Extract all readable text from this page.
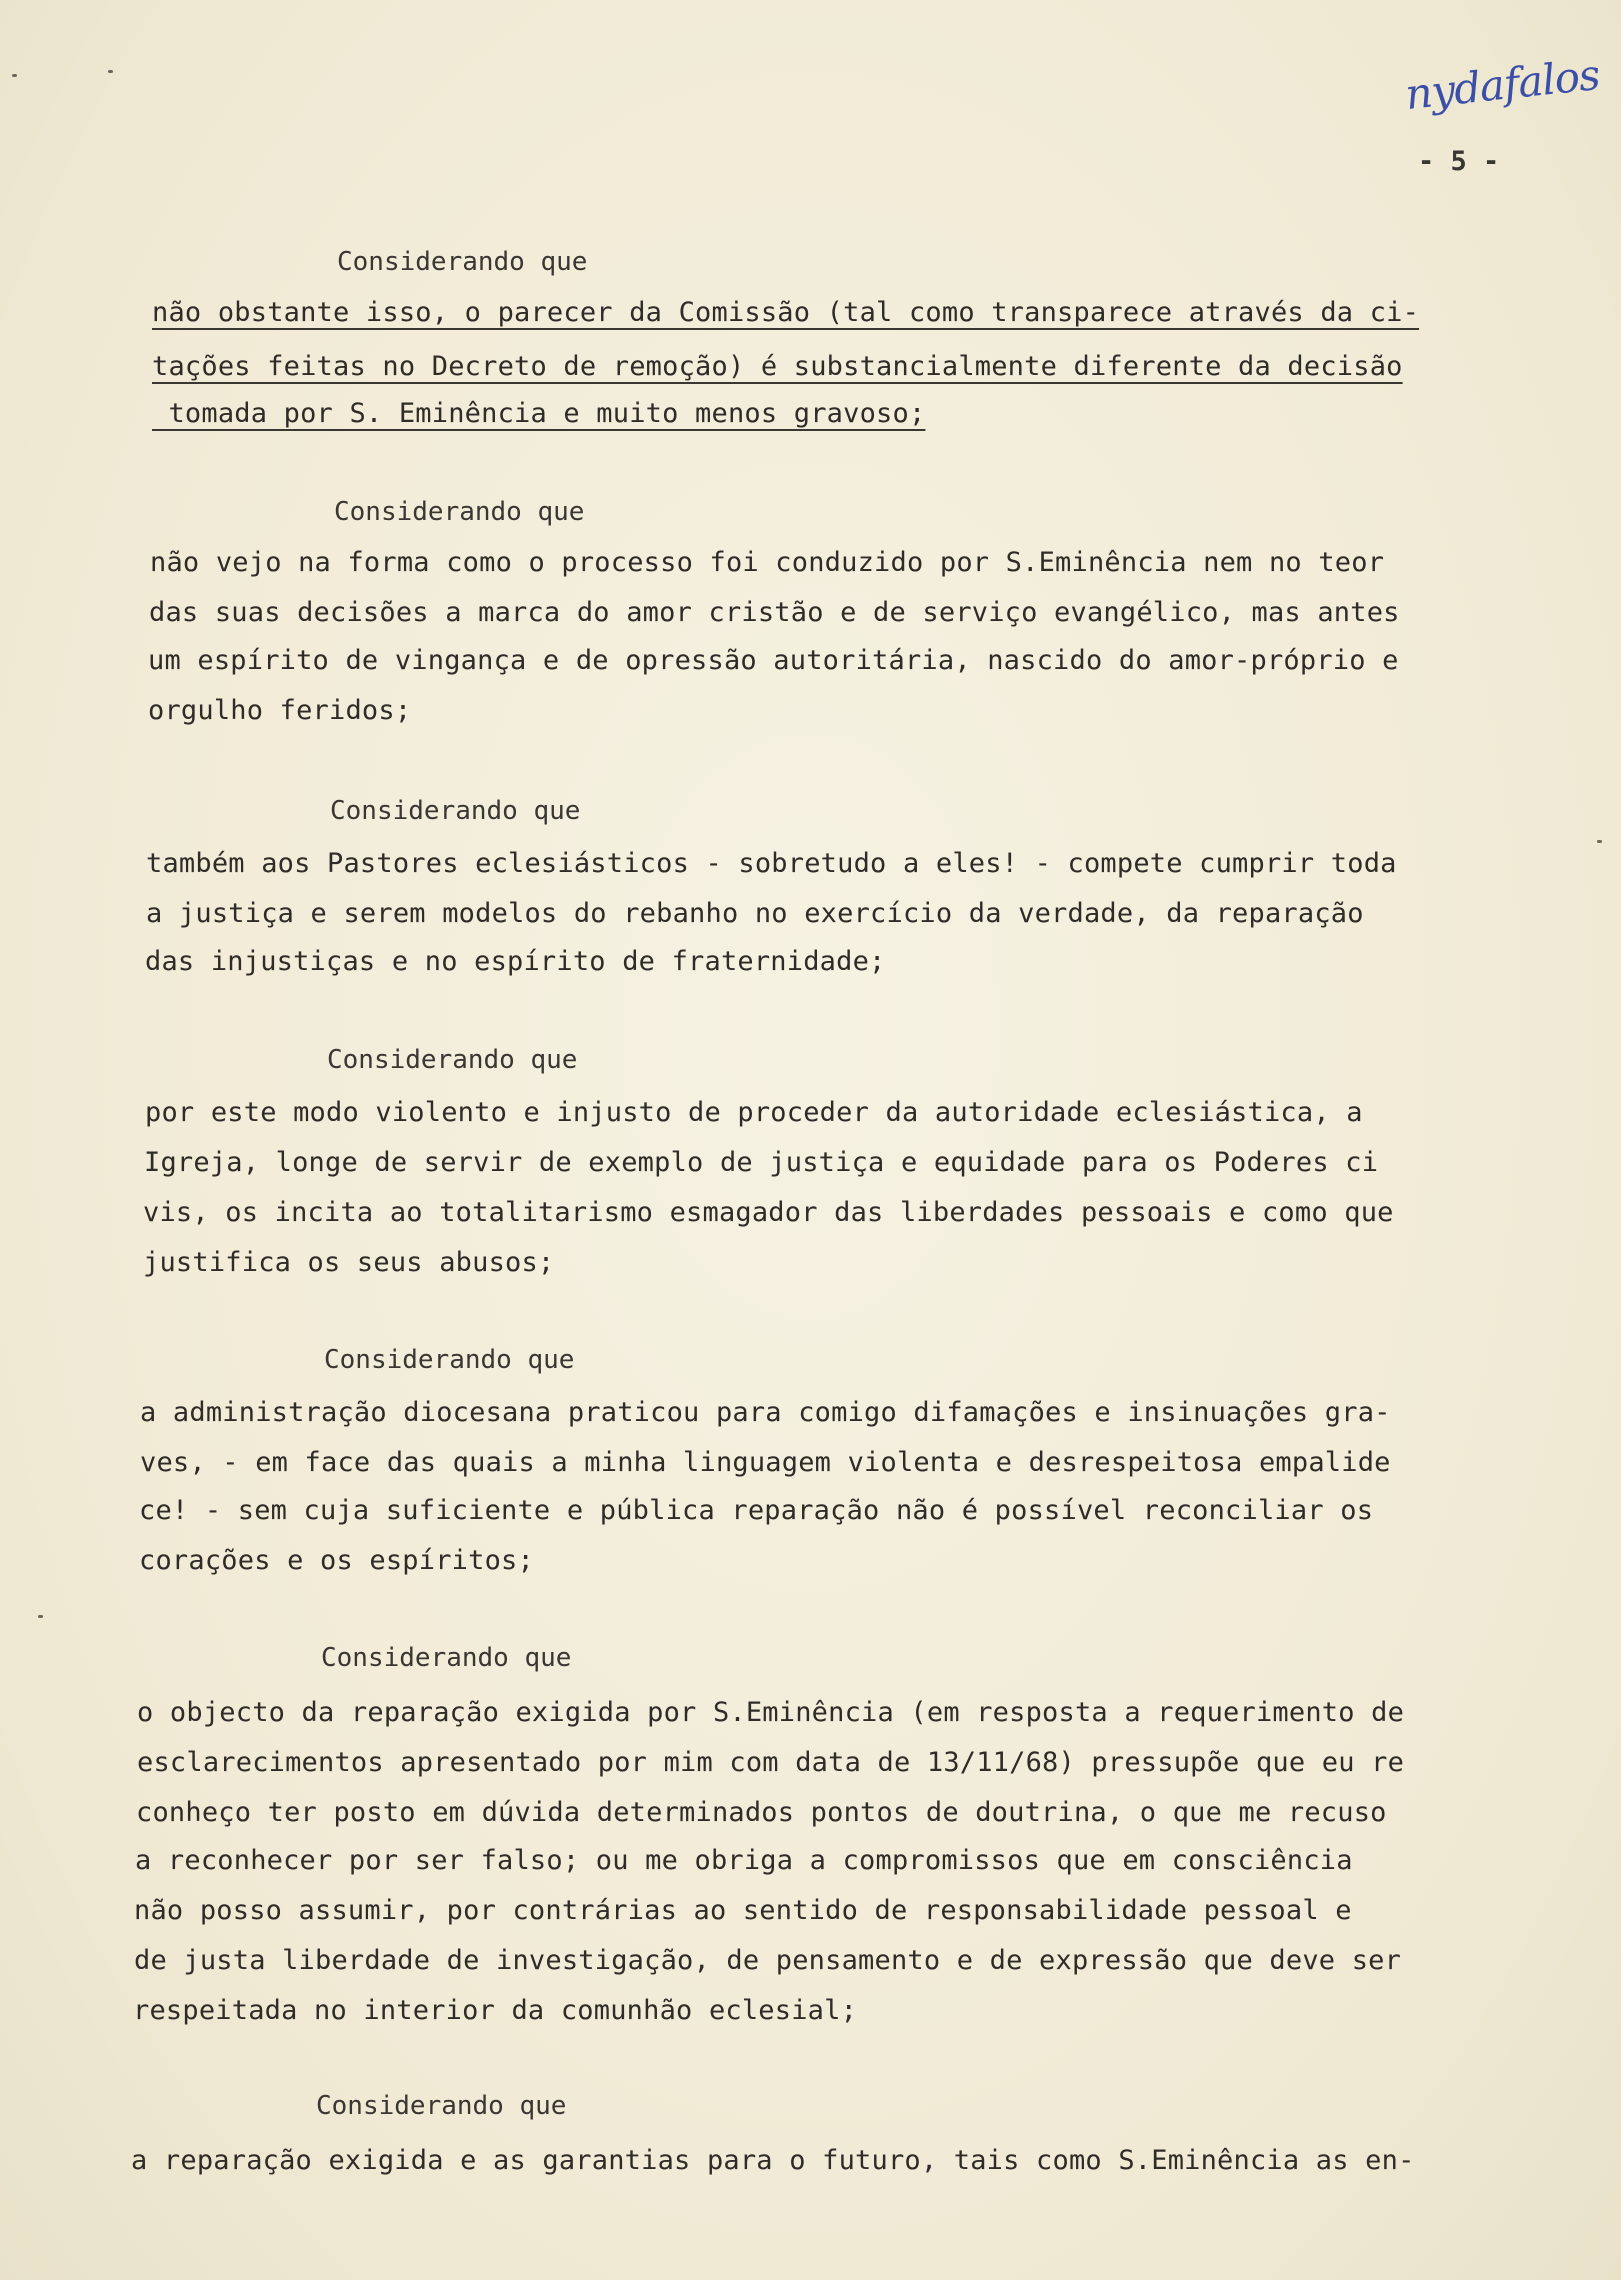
nydafalos
- 5 -
Considerando que
não obstante isso, o parecer da Comissão (tal como transparece através da ci-
tações feitas no Decreto de remoção) é substancialmente diferente da decisão
tomada por S. Eminência e muito menos gravoso;
Considerando que
não vejo na forma como o processo foi conduzido por S.Eminência nem no teor
das suas decisões a marca do amor cristão e de serviço evangélico, mas antes
um espírito de vingança e de opressão autoritária, nascido do amor-próprio e
orgulho feridos;
Considerando que
também aos Pastores eclesiásticos - sobretudo a eles! - compete cumprir toda
a justiça e serem modelos do rebanho no exercício da verdade, da reparação
das injustiças e no espírito de fraternidade;
Considerando que
por este modo violento e injusto de proceder da autoridade eclesiástica, a
Igreja, longe de servir de exemplo de justiça e equidade para os Poderes ci
vis, os incita ao totalitarismo esmagador das liberdades pessoais e como que
justifica os seus abusos;
Considerando que
a administração diocesana praticou para comigo difamações e insinuações gra-
ves, - em face das quais a minha linguagem violenta e desrespeitosa empalide
ce! - sem cuja suficiente e pública reparação não é possível reconciliar os
corações e os espíritos;
Considerando que
o objecto da reparação exigida por S.Eminência (em resposta a requerimento de
esclarecimentos apresentado por mim com data de 13/11/68) pressupõe que eu re
conheço ter posto em dúvida determinados pontos de doutrina, o que me recuso
a reconhecer por ser falso; ou me obriga a compromissos que em consciência
não posso assumir, por contrárias ao sentido de responsabilidade pessoal e
de justa liberdade de investigação, de pensamento e de expressão que deve ser
respeitada no interior da comunhão eclesial;
Considerando que
a reparação exigida e as garantias para o futuro, tais como S.Eminência as en-
